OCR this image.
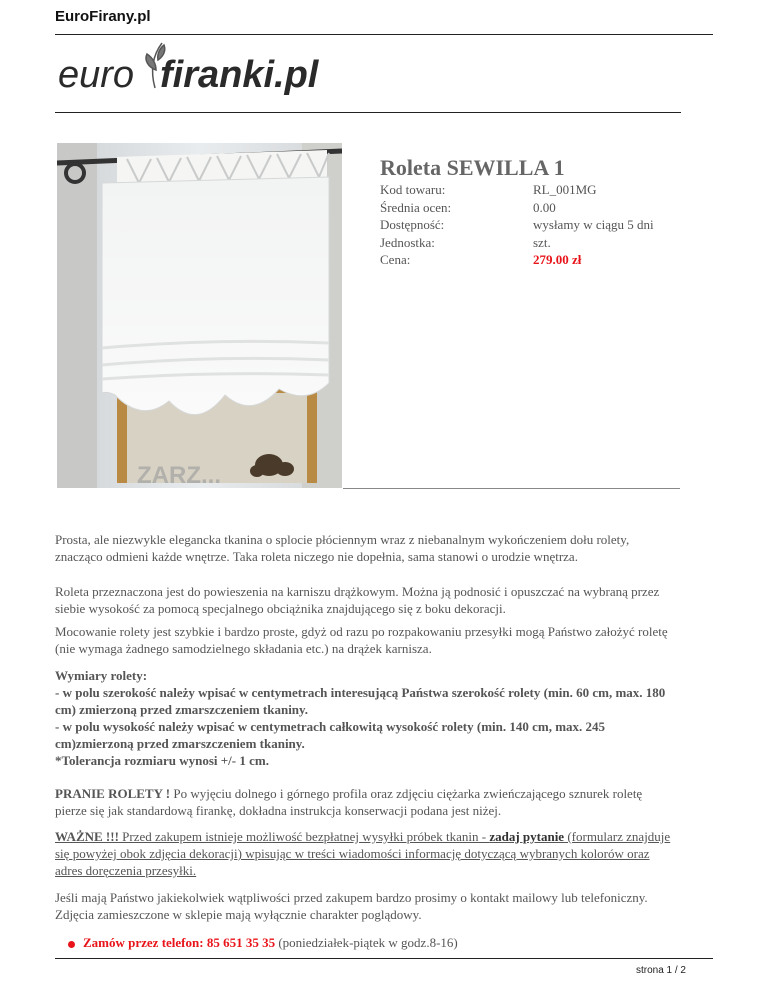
EuroFirany.pl
euro firanki.pl
ZARZ...
Roleta SEWILLA 1
Kod towaru:	RL_001MG
Średnia ocen:	0.00
Dostępność:	wysłamy w ciągu 5 dni
Jednostka:	szt.
Cena:	279.00 zł

Prosta, ale niezwykle elegancka tkanina o splocie płóciennym wraz z niebanalnym wykończeniem dołu rolety, znacząco odmieni każde wnętrze. Taka roleta niczego nie dopełnia, sama stanowi o urodzie wnętrza.

Roleta przeznaczona jest do powieszenia na karniszu drążkowym. Można ją podnosić i opuszczać na wybraną przez siebie wysokość za pomocą specjalnego obciążnika znajdującego się z boku dekoracji.

Mocowanie rolety jest szybkie i bardzo proste, gdyż od razu po rozpakowaniu przesyłki mogą Państwo założyć roletę (nie wymaga żadnego samodzielnego składania etc.) na drążek karnisza.

Wymiary rolety:

- w polu szerokość należy wpisać w centymetrach interesującą Państwa szerokość rolety (min. 60 cm, max. 180 cm) zmierzoną przed zmarszczeniem tkaniny.

- w polu wysokość należy wpisać w centymetrach całkowitą wysokość rolety (min. 140 cm, max. 245 cm)zmierzoną przed zmarszczeniem tkaniny.

*Tolerancja rozmiaru wynosi +/- 1 cm.

PRANIE ROLETY ! Po wyjęciu dolnego i górnego profila oraz zdjęciu ciężarka zwieńczającego sznurek roletę pierze się jak standardową firankę, dokładna instrukcja konserwacji podana jest niżej.

WAŻNE !!! Przed zakupem istnieje możliwość bezpłatnej wysyłki próbek tkanin - zadaj pytanie (formularz znajduje się powyżej obok zdjęcia dekoracji) wpisując w treści wiadomości informację dotyczącą wybranych kolorów oraz adres doręczenia przesyłki.

Jeśli mają Państwo jakiekolwiek wątpliwości przed zakupem bardzo prosimy o kontakt mailowy lub telefoniczny. Zdjęcia zamieszczone w sklepie mają wyłącznie charakter poglądowy.

Zamów przez telefon: 85 651 35 35 (poniedziałek-piątek w godz.8-16)
strona 1 / 2
